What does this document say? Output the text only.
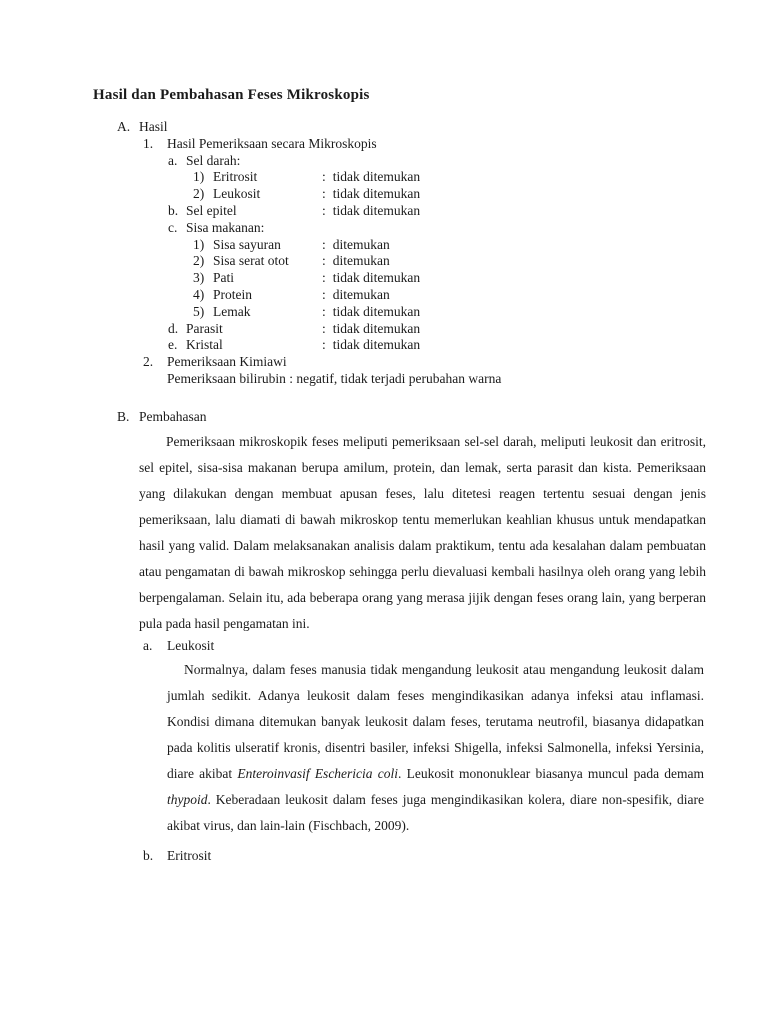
Hasil dan Pembahasan Feses Mikroskopis
A. Hasil
1.	Hasil Pemeriksaan secara Mikroskopis
a. Sel darah:
1) Eritrosit	: tidak ditemukan
2) Leukosit	: tidak ditemukan
b. Sel epitel	: tidak ditemukan
c. Sisa makanan:
1) Sisa sayuran	: ditemukan
2) Sisa serat otot	: ditemukan
3) Pati	: tidak ditemukan
4) Protein	: ditemukan
5) Lemak	: tidak ditemukan
d. Parasit	: tidak ditemukan
e. Kristal	: tidak ditemukan
2.	Pemeriksaan Kimiawi
Pemeriksaan bilirubin : negatif, tidak terjadi perubahan warna
B. Pembahasan
Pemeriksaan mikroskopik feses meliputi pemeriksaan sel-sel darah, meliputi leukosit dan eritrosit, sel epitel, sisa-sisa makanan berupa amilum, protein, dan lemak, serta parasit dan kista. Pemeriksaan yang dilakukan dengan membuat apusan feses, lalu ditetesi reagen tertentu sesuai dengan jenis pemeriksaan, lalu diamati di bawah mikroskop tentu memerlukan keahlian khusus untuk mendapatkan hasil yang valid. Dalam melaksanakan analisis dalam praktikum, tentu ada kesalahan dalam pembuatan atau pengamatan di bawah mikroskop sehingga perlu dievaluasi kembali hasilnya oleh orang yang lebih berpengalaman. Selain itu, ada beberapa orang yang merasa jijik dengan feses orang lain, yang berperan pula pada hasil pengamatan ini.
a.	Leukosit
Normalnya, dalam feses manusia tidak mengandung leukosit atau mengandung leukosit dalam jumlah sedikit. Adanya leukosit dalam feses mengindikasikan adanya infeksi atau inflamasi. Kondisi dimana ditemukan banyak leukosit dalam feses, terutama neutrofil, biasanya didapatkan pada kolitis ulseratif kronis, disentri basiler, infeksi Shigella, infeksi Salmonella, infeksi Yersinia, diare akibat Enteroinvasif Eschericia coli. Leukosit mononuklear biasanya muncul pada demam thypoid. Keberadaan leukosit dalam feses juga mengindikasikan kolera, diare non-spesifik, diare akibat virus, dan lain-lain (Fischbach, 2009).
b.	Eritrosit
